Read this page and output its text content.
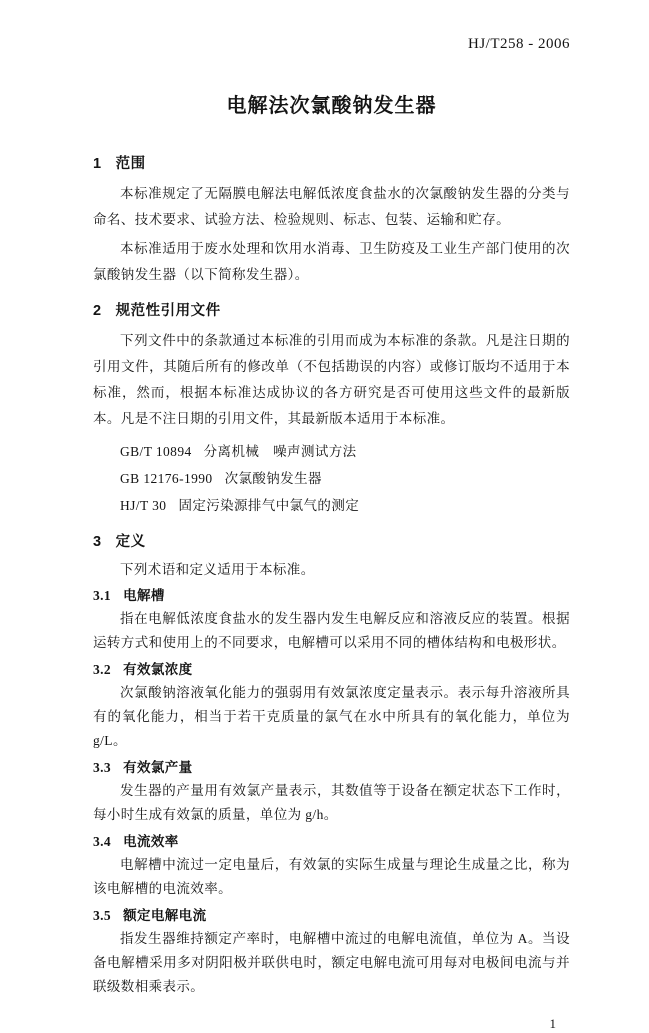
HJ/T258 - 2006
电解法次氯酸钠发生器
1 范围

本标准规定了无隔膜电解法电解低浓度食盐水的次氯酸钠发生器的分类与命名、技术要求、试验方法、检验规则、标志、包装、运输和贮存。

本标准适用于废水处理和饮用水消毒、卫生防疫及工业生产部门使用的次氯酸钠发生器（以下简称发生器）。

2 规范性引用文件

下列文件中的条款通过本标准的引用而成为本标准的条款。凡是注日期的引用文件，其随后所有的修改单（不包括勘误的内容）或修订版均不适用于本标准，然而，根据本标准达成协议的各方研究是否可使用这些文件的最新版本。凡是不注日期的引用文件，其最新版本适用于本标准。

GB/T 10894 分离机械　噪声测试方法

GB 12176-1990 次氯酸钠发生器

HJ/T 30 固定污染源排气中氯气的测定

3 定义

下列术语和定义适用于本标准。

3.1 电解槽

指在电解低浓度食盐水的发生器内发生电解反应和溶液反应的装置。根据运转方式和使用上的不同要求，电解槽可以采用不同的槽体结构和电极形状。

3.2 有效氯浓度

次氯酸钠溶液氧化能力的强弱用有效氯浓度定量表示。表示每升溶液所具有的氧化能力，相当于若干克质量的氯气在水中所具有的氧化能力，单位为 g/L。

3.3 有效氯产量

发生器的产量用有效氯产量表示，其数值等于设备在额定状态下工作时，每小时生成有效氯的质量，单位为 g/h。

3.4 电流效率

电解槽中流过一定电量后，有效氯的实际生成量与理论生成量之比，称为该电解槽的电流效率。

3.5 额定电解电流

指发生器维持额定产率时，电解槽中流过的电解电流值，单位为 A。当设备电解槽采用多对阴阳极并联供电时，额定电解电流可用每对电极间电流与并联级数相乘表示。

1
